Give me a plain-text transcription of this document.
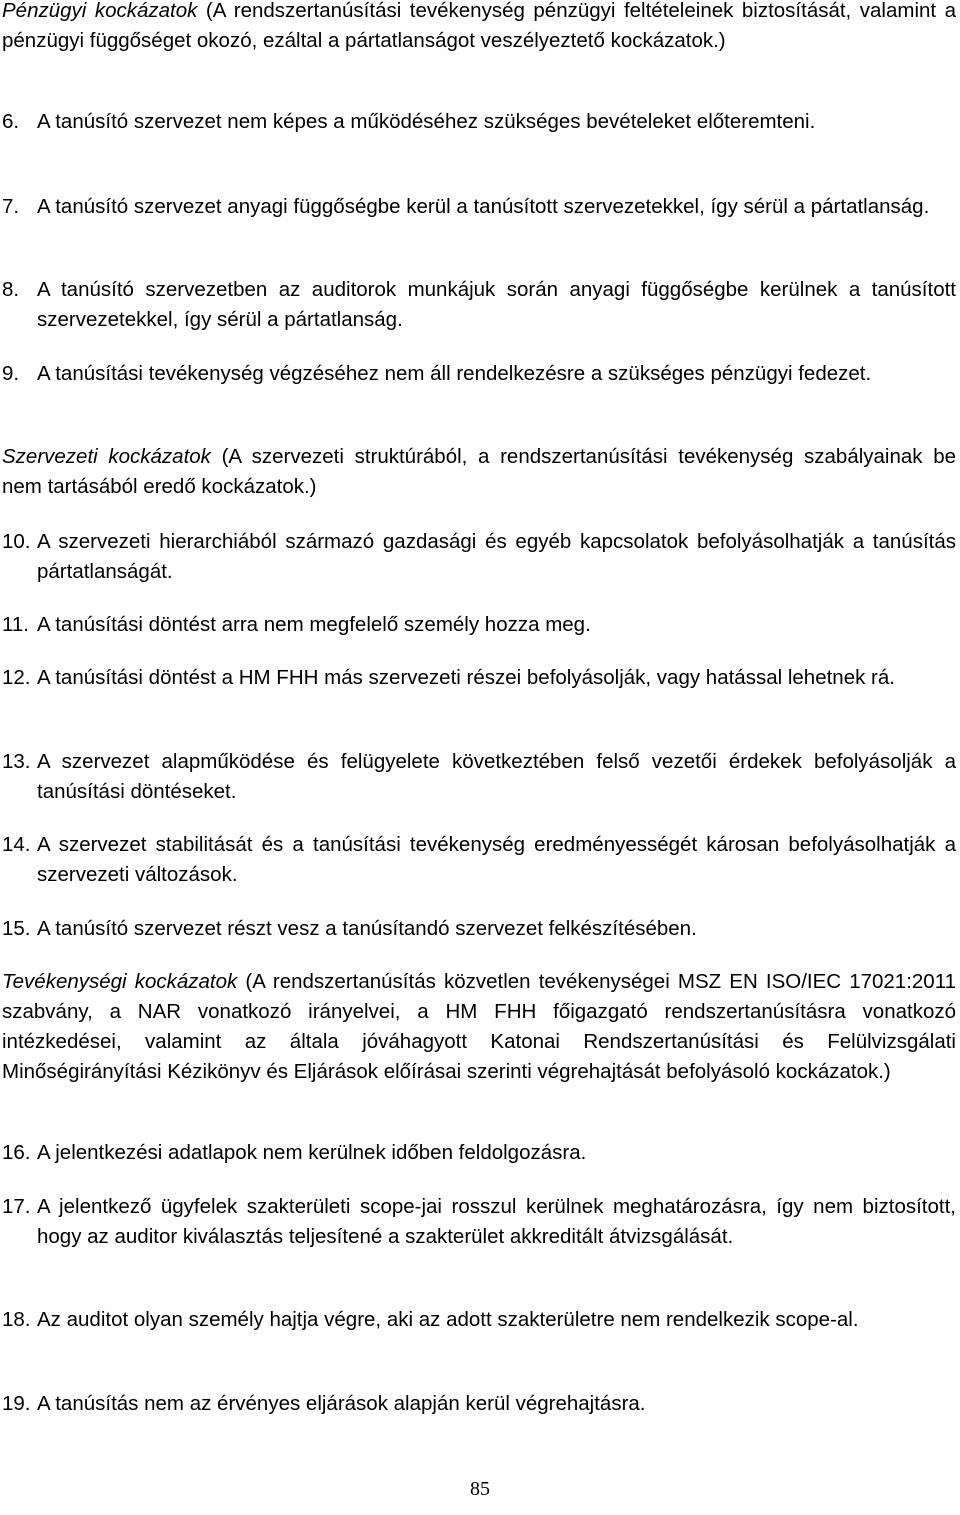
Pénzügyi kockázatok (A rendszertanúsítási tevékenység pénzügyi feltételeinek biztosítását, valamint a pénzügyi függőséget okozó, ezáltal a pártatlanságot veszélyeztető kockázatok.)

6. A tanúsító szervezet nem képes a működéséhez szükséges bevételeket előteremteni.
7. A tanúsító szervezet anyagi függőségbe kerül a tanúsított szervezetekkel, így sérül a pártatlanság.
8. A tanúsító szervezetben az auditorok munkájuk során anyagi függőségbe kerülnek a tanúsított szervezetekkel, így sérül a pártatlanság.
9. A tanúsítási tevékenység végzéséhez nem áll rendelkezésre a szükséges pénzügyi fedezet.

Szervezeti kockázatok (A szervezeti struktúrából, a rendszertanúsítási tevékenység szabályainak be nem tartásából eredő kockázatok.)

10. A szervezeti hierarchiából származó gazdasági és egyéb kapcsolatok befolyásolhatják a tanúsítás pártatlanságát.
11. A tanúsítási döntést arra nem megfelelő személy hozza meg.
12. A tanúsítási döntést a HM FHH más szervezeti részei befolyásolják, vagy hatással lehetnek rá.
13. A szervezet alapműködése és felügyelete következtében felső vezetői érdekek befolyásolják a tanúsítási döntéseket.
14. A szervezet stabilitását és a tanúsítási tevékenység eredményességét károsan befolyásolhatják a szervezeti változások.
15. A tanúsító szervezet részt vesz a tanúsítandó szervezet felkészítésében.

Tevékenységi kockázatok (A rendszertanúsítás közvetlen tevékenységei MSZ EN ISO/IEC 17021:2011 szabvány, a NAR vonatkozó irányelvei, a HM FHH főigazgató rendszertanúsításra vonatkozó intézkedései, valamint az általa jóváhagyott Katonai Rendszertanúsítási és Felülvizsgálati Minőségirányítási Kézikönyv és Eljárások előírásai szerinti végrehajtását befolyásoló kockázatok.)

16. A jelentkezési adatlapok nem kerülnek időben feldolgozásra.
17. A jelentkező ügyfelek szakterületi scope-jai rosszul kerülnek meghatározásra, így nem biztosított, hogy az auditor kiválasztás teljesítené a szakterület akkreditált átvizsgálását.
18. Az auditot olyan személy hajtja végre, aki az adott szakterületre nem rendelkezik scope-al.
19. A tanúsítás nem az érvényes eljárások alapján kerül végrehajtásra.
85
